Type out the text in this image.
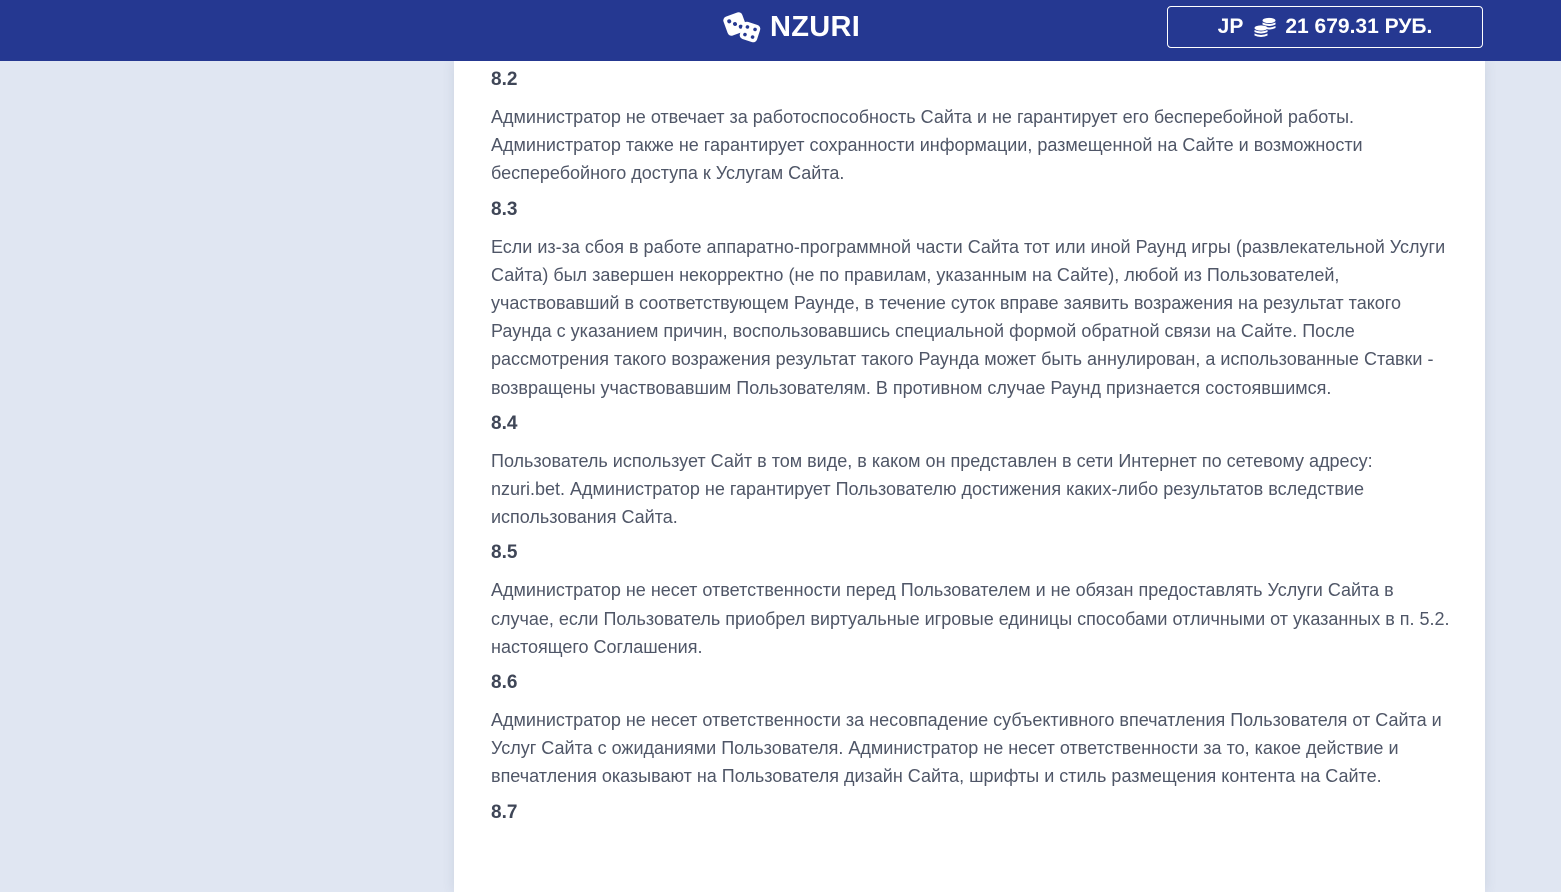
NZURI	JP 21 679.31 РУБ.
8.2
Администратор не отвечает за работоспособность Сайта и не гарантирует его бесперебойной работы. Администратор также не гарантирует сохранности информации, размещенной на Сайте и возможности бесперебойного доступа к Услугам Сайта.
8.3
Если из-за сбоя в работе аппаратно-программной части Сайта тот или иной Раунд игры (развлекательной Услуги Сайта) был завершен некорректно (не по правилам, указанным на Сайте), любой из Пользователей, участвовавший в соответствующем Раунде, в течение суток вправе заявить возражения на результат такого Раунда с указанием причин, воспользовавшись специальной формой обратной связи на Сайте. После рассмотрения такого возражения результат такого Раунда может быть аннулирован, а использованные Ставки - возвращены участвовавшим Пользователям. В противном случае Раунд признается состоявшимся.
8.4
Пользователь использует Сайт в том виде, в каком он представлен в сети Интернет по сетевому адресу: nzuri.bet. Администратор не гарантирует Пользователю достижения каких-либо результатов вследствие использования Сайта.
8.5
Администратор не несет ответственности перед Пользователем и не обязан предоставлять Услуги Сайта в случае, если Пользователь приобрел виртуальные игровые единицы способами отличными от указанных в п. 5.2. настоящего Соглашения.
8.6
Администратор не несет ответственности за несовпадение субъективного впечатления Пользователя от Сайта и Услуг Сайта с ожиданиями Пользователя. Администратор не несет ответственности за то, какое действие и впечатления оказывают на Пользователя дизайн Сайта, шрифты и стиль размещения контента на Сайте.
8.7
